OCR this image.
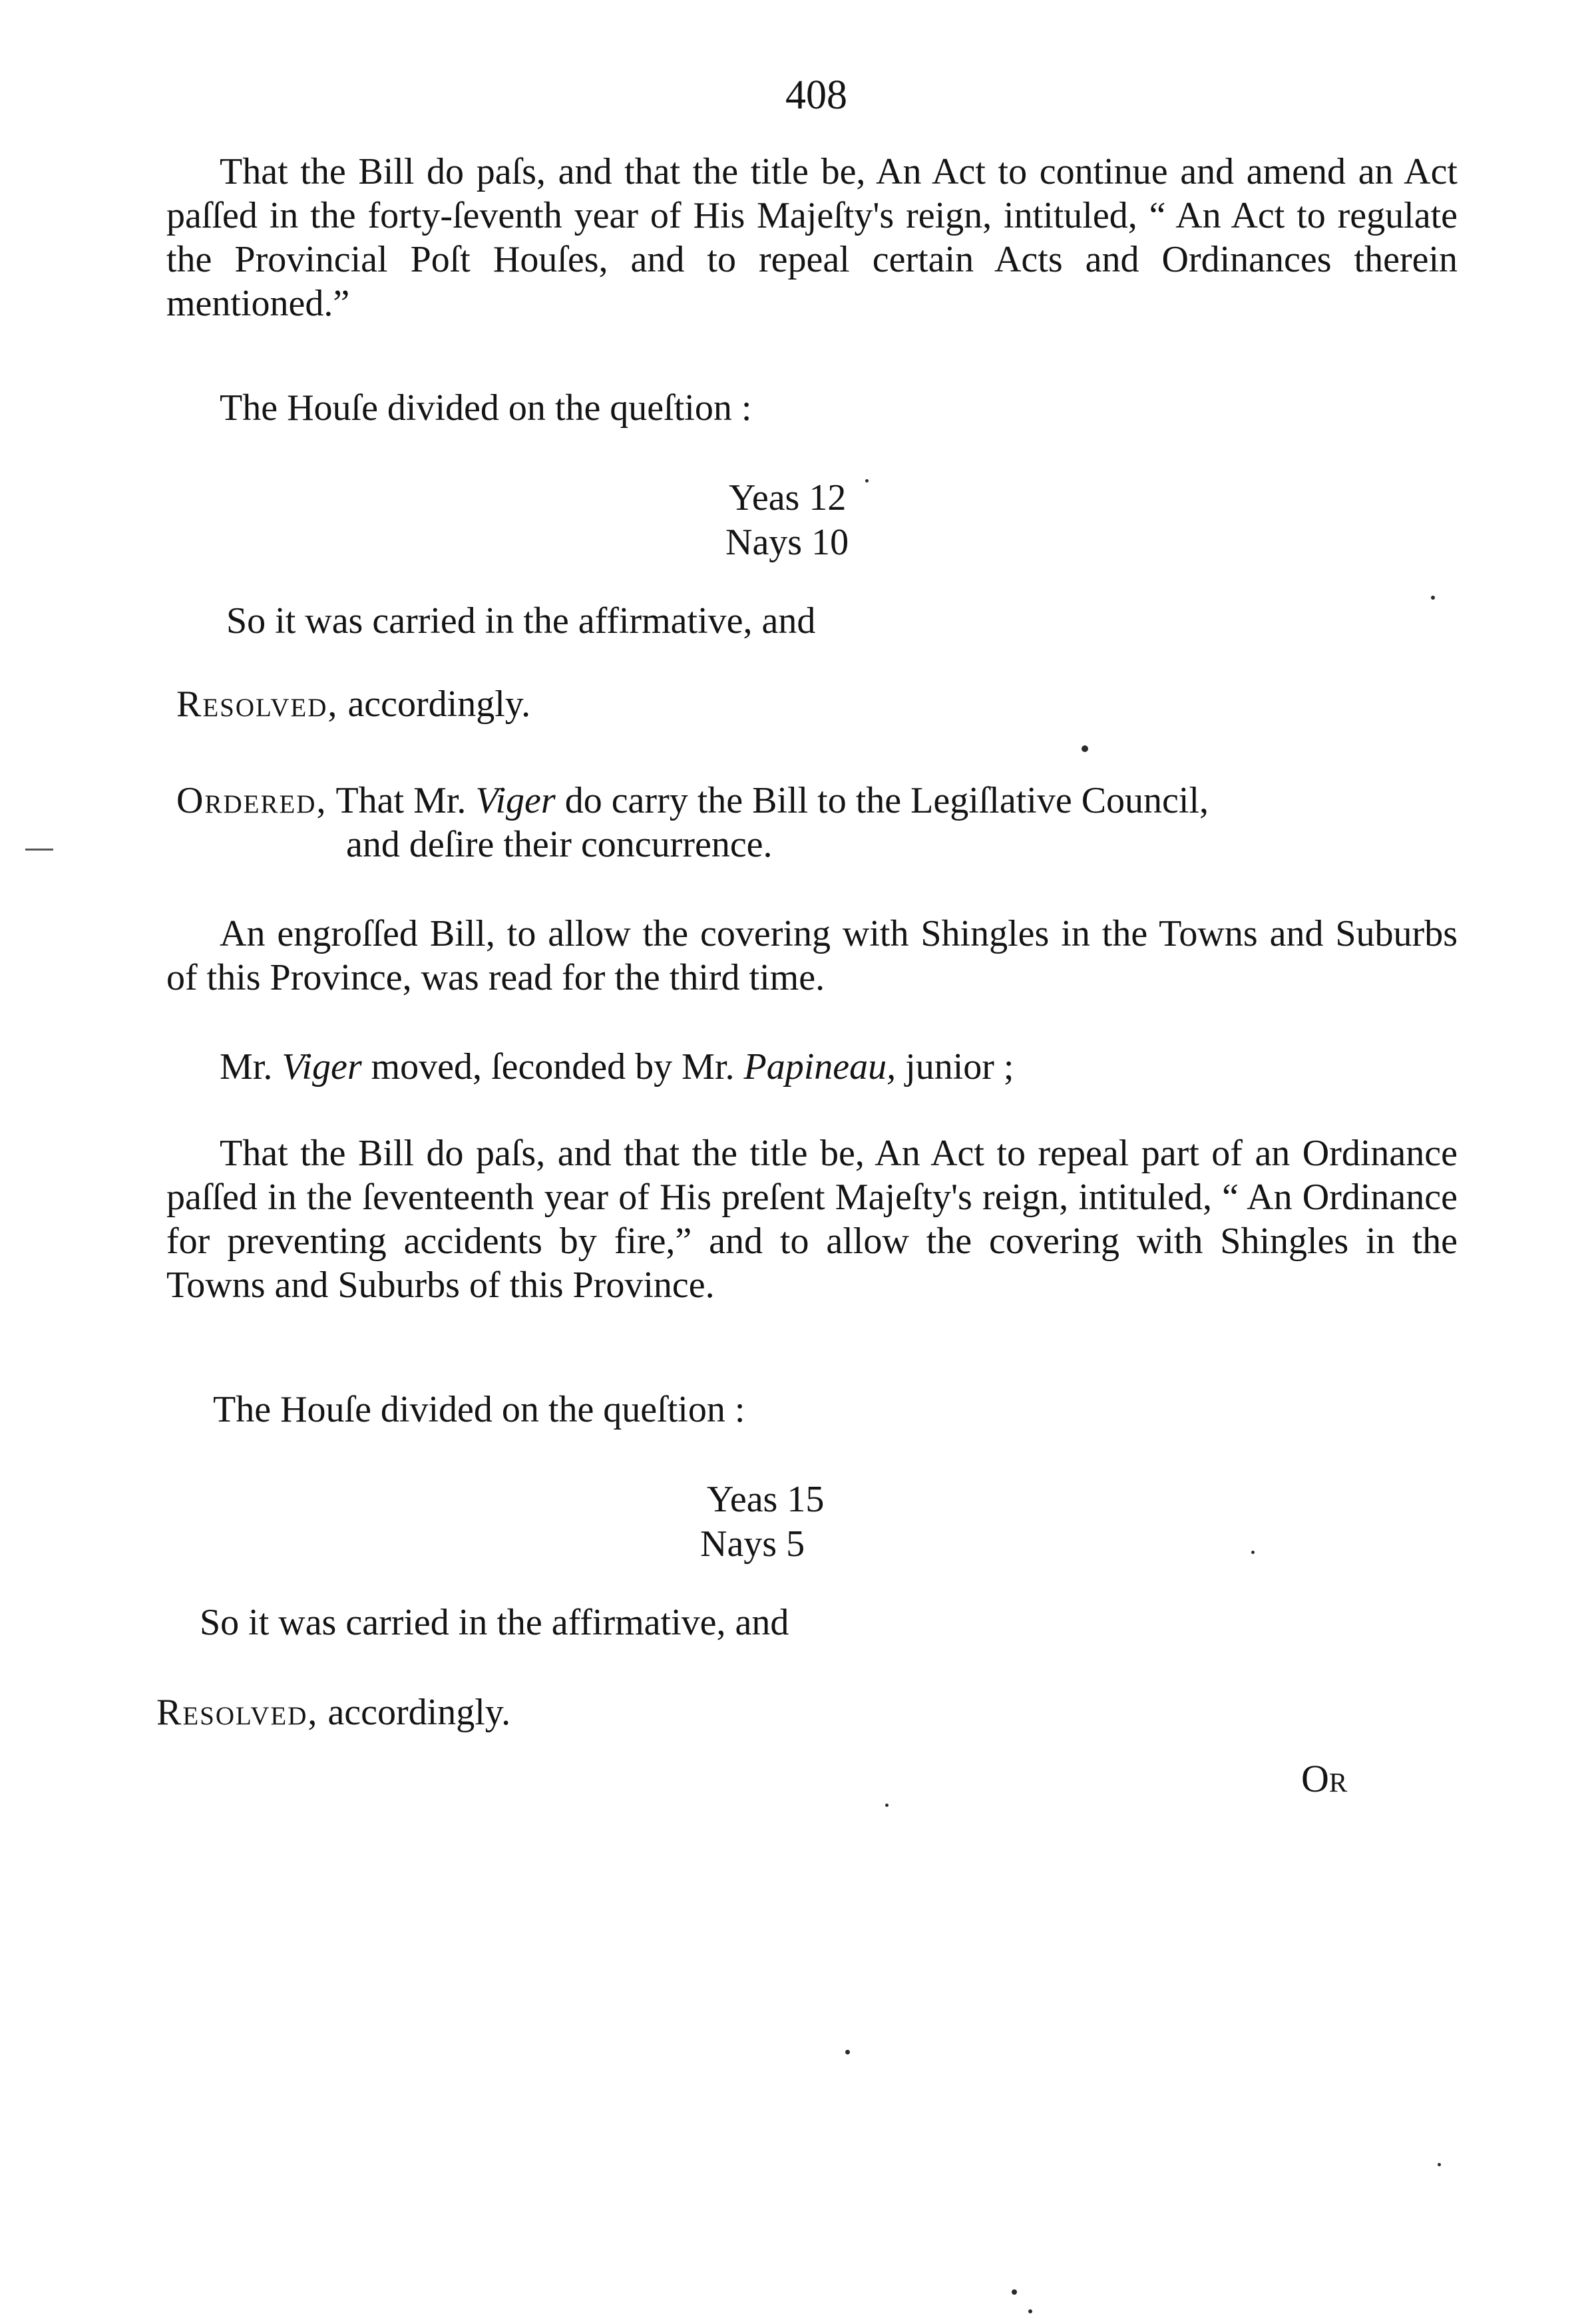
408

That the Bill do paſs, and that the title be, An Act to continue and amend an Act paſſed in the forty-ſeventh year of His Majeſty's reign, intituled, “ An Act to regulate the Provincial Poſt Houſes, and to repeal certain Acts and Ordinances therein mentioned.”

The Houſe divided on the queſtion :

Yeas 12
Nays 10

So it was carried in the affirmative, and

Resolved, accordingly.

Ordered, That Mr. Viger do carry the Bill to the Legiſlative Council,

and deſire their concurrence.

An engroſſed Bill, to allow the covering with Shingles in the Towns and Suburbs of this Province, was read for the third time.

Mr. Viger moved, ſeconded by Mr. Papineau, junior ;

That the Bill do paſs, and that the title be, An Act to repeal part of an Ordinance paſſed in the ſeventeenth year of His preſent Majeſty's reign, intituled, “ An Ordinance for preventing accidents by fire,” and to allow the covering with Shingles in the Towns and Suburbs of this Province.

The Houſe divided on the queſtion :

Yeas 15
Nays 5

So it was carried in the affirmative, and

Resolved, accordingly.

Or
